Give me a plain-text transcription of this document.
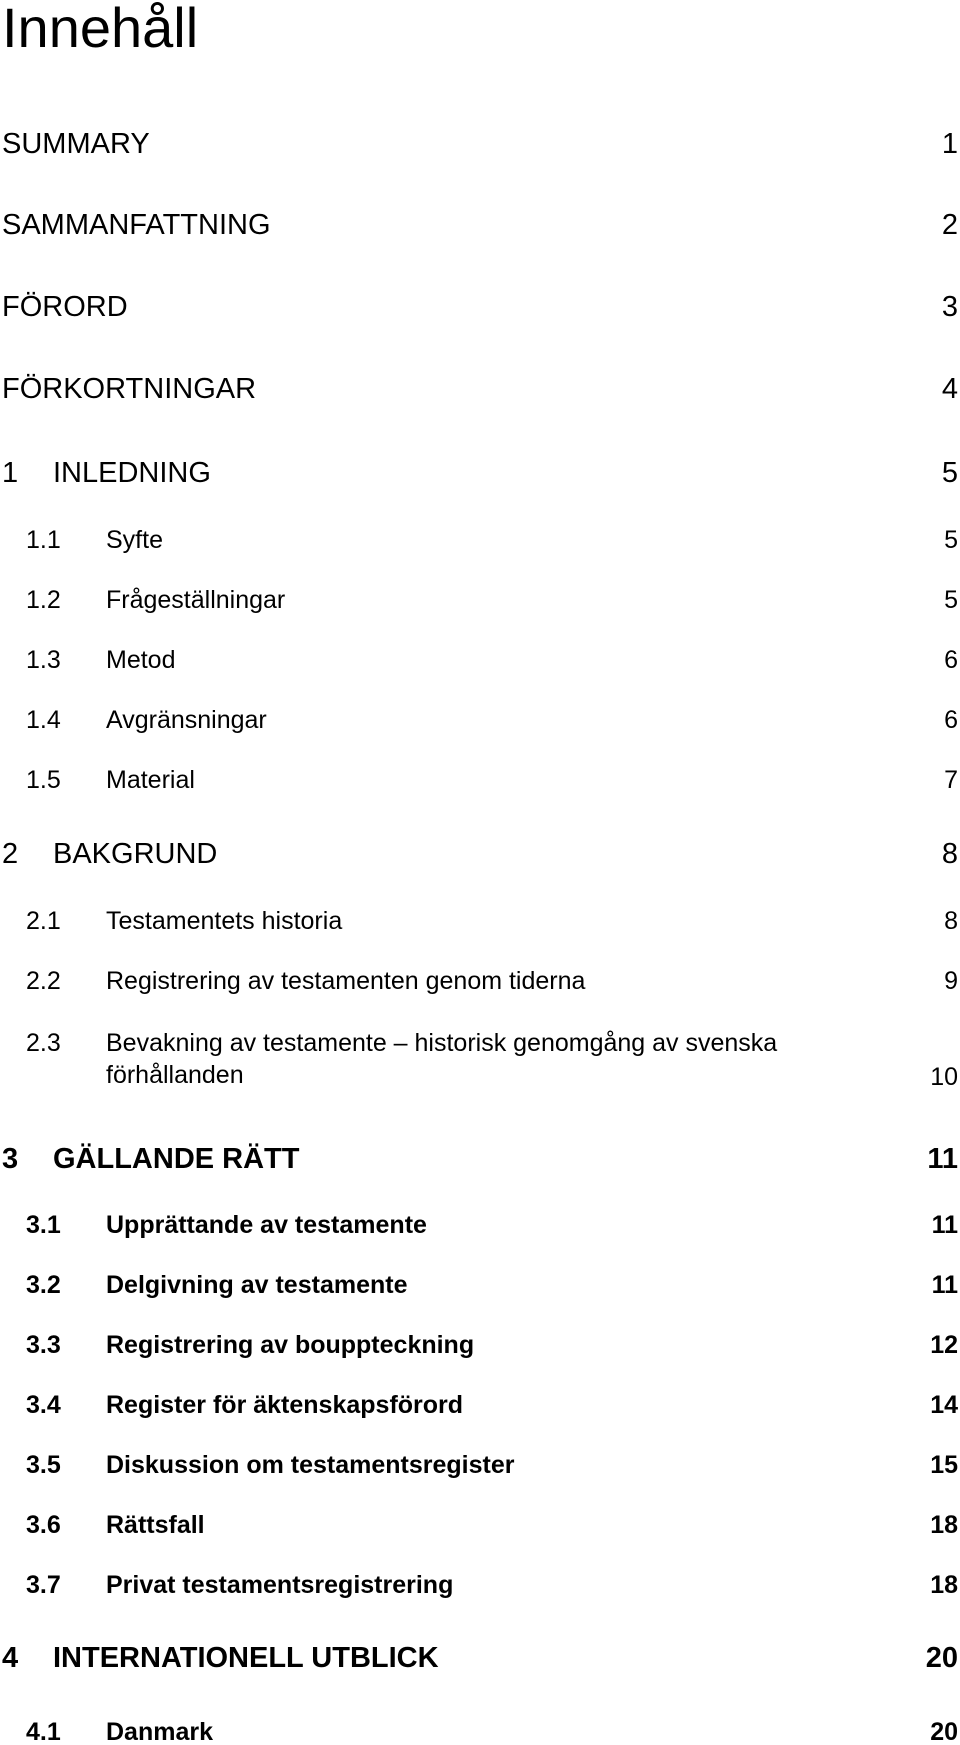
Innehåll
SUMMARY	1
SAMMANFATTNING	2
FÖRORD	3
FÖRKORTNINGAR	4
1 INLEDNING	5
1.1 Syfte	5
1.2 Frågeställningar	5
1.3 Metod	6
1.4 Avgränsningar	6
1.5 Material	7
2 BAKGRUND	8
2.1 Testamentets historia	8
2.2 Registrering av testamenten genom tiderna	9
2.3 Bevakning av testamente – historisk genomgång av svenska förhållanden	10
3 GÄLLANDE RÄTT	11
3.1 Upprättande av testamente	11
3.2 Delgivning av testamente	11
3.3 Registrering av bouppteckning	12
3.4 Register för äktenskapsförord	14
3.5 Diskussion om testamentsregister	15
3.6 Rättsfall	18
3.7 Privat testamentsregistrering	18
4 INTERNATIONELL UTBLICK	20
4.1 Danmark	20
